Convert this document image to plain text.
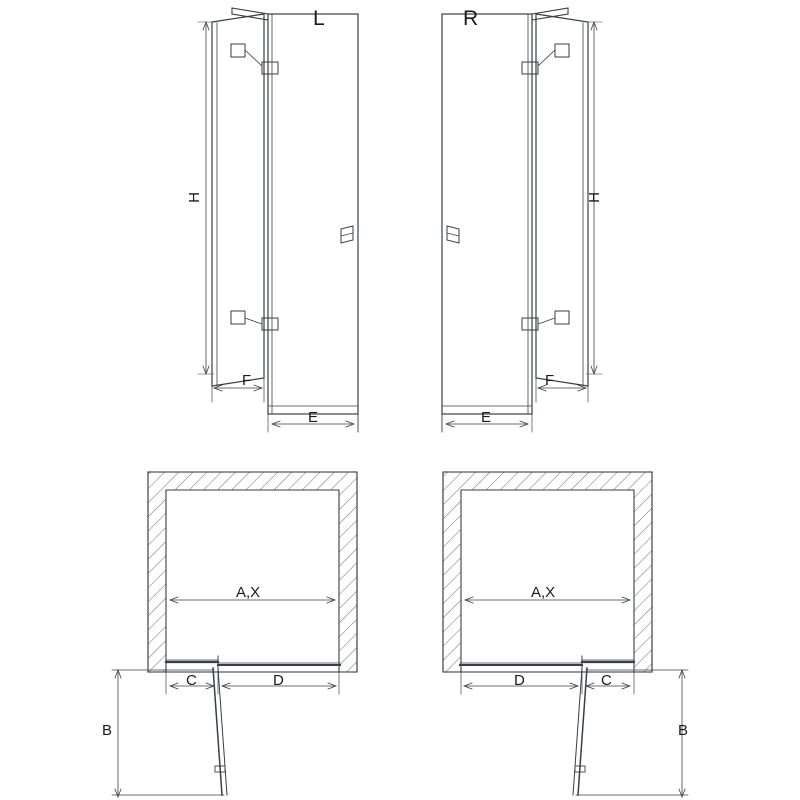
L	R
H	H
F
E	E
F
A,X	A,X
C	D	D	C
B	B
